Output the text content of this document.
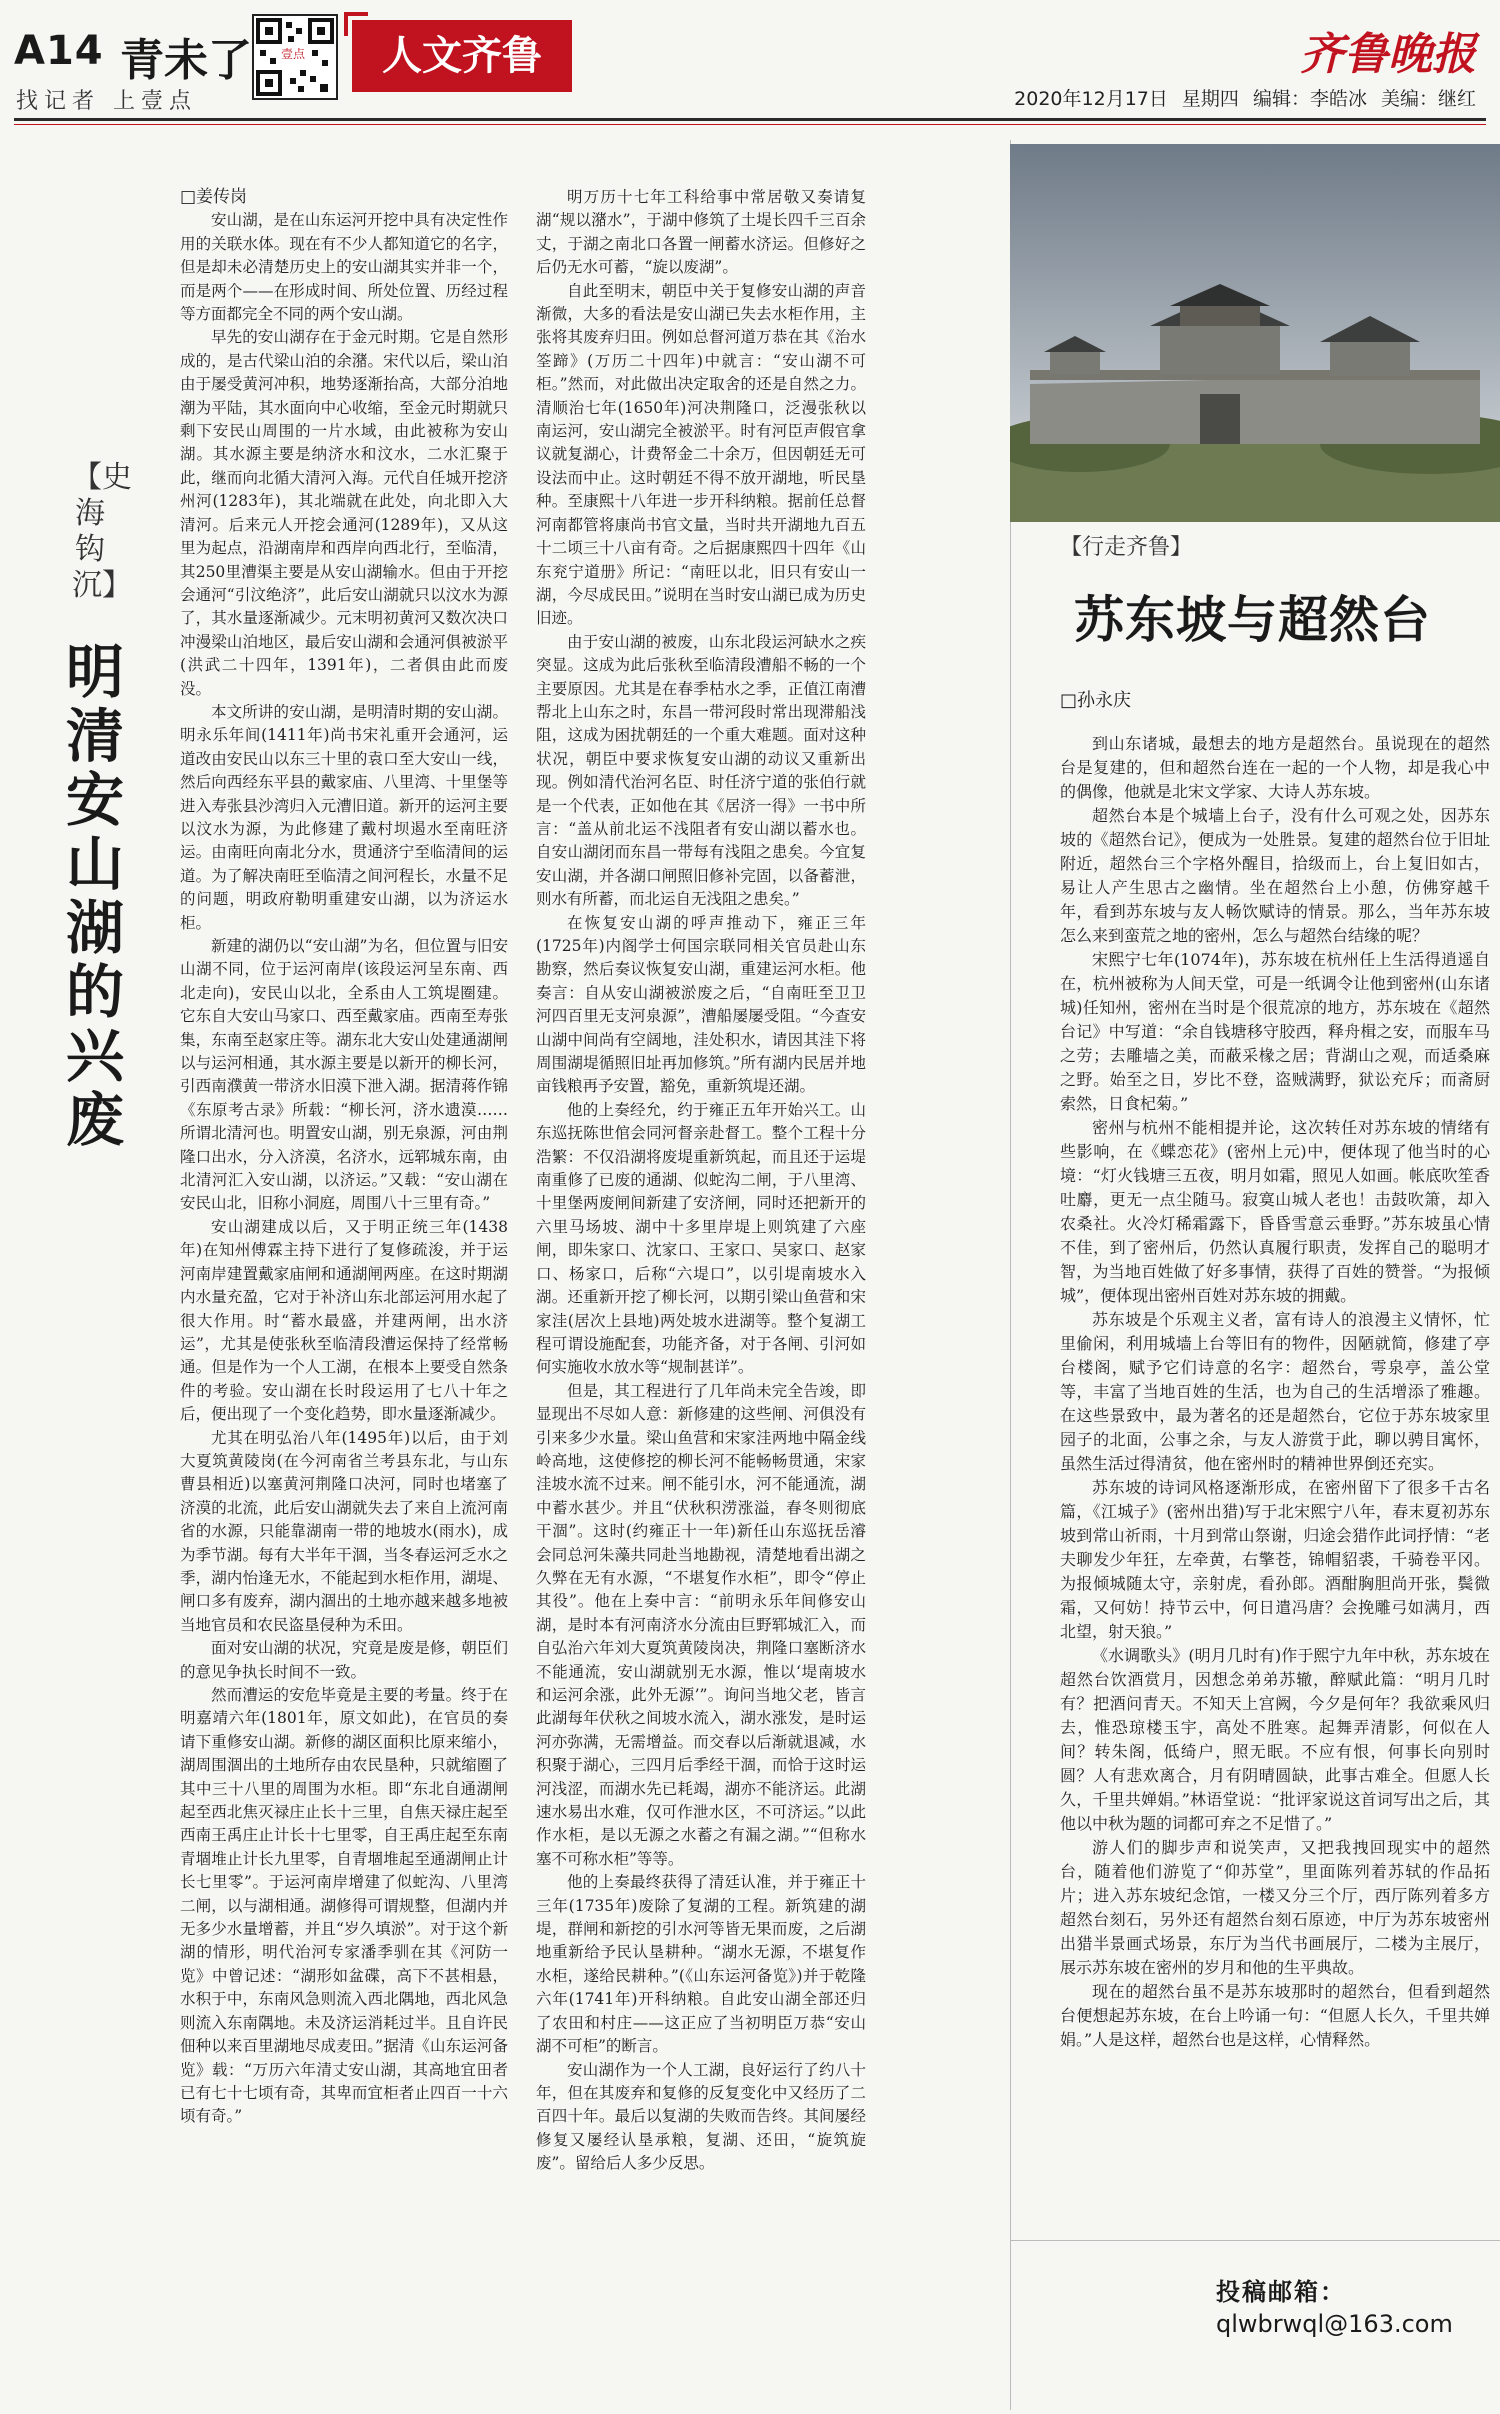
A14 青未了
找记者 上壹点
壹点	人文齐鲁	齐鲁晚报
2020年12月17日 星期四 编辑：李皓冰 美编：继红
【史海钩沉】
明清安山湖的兴废

□姜传岗

安山湖，是在山东运河开挖中具有决定性作用的关联水体。现在有不少人都知道它的名字，但是却未必清楚历史上的安山湖其实并非一个，而是两个——在形成时间、所处位置、历经过程等方面都完全不同的两个安山湖。

早先的安山湖存在于金元时期。它是自然形成的，是古代梁山泊的余潴。宋代以后，梁山泊由于屡受黄河冲积，地势逐渐抬高，大部分泊地潮为平陆，其水面向中心收缩，至金元时期就只剩下安民山周围的一片水域，由此被称为安山湖。其水源主要是纳济水和汶水，二水汇聚于此，继而向北循大清河入海。元代自任城开挖济州河(1283年)，其北端就在此处，向北即入大清河。后来元人开挖会通河(1289年)，又从这里为起点，沿湖南岸和西岸向西北行，至临清，其250里漕渠主要是从安山湖输水。但由于开挖会通河“引汶绝济”，此后安山湖就只以汶水为源了，其水量逐渐减少。元末明初黄河又数次决口冲漫梁山泊地区，最后安山湖和会通河俱被淤平(洪武二十四年，1391年)，二者俱由此而废没。

本文所讲的安山湖，是明清时期的安山湖。明永乐年间(1411年)尚书宋礼重开会通河，运道改由安民山以东三十里的袁口至大安山一线，然后向西经东平县的戴家庙、八里湾、十里堡等进入寿张县沙湾归入元漕旧道。新开的运河主要以汶水为源，为此修建了戴村坝遏水至南旺济运。由南旺向南北分水，贯通济宁至临清间的运道。为了解决南旺至临清之间河程长，水量不足的问题，明政府勒明重建安山湖，以为济运水柜。

新建的湖仍以“安山湖”为名，但位置与旧安山湖不同，位于运河南岸(该段运河呈东南、西北走向)，安民山以北，全系由人工筑堤圈建。它东自大安山马家口、西至戴家庙。西南至寿张集，东南至赵家庄等。湖东北大安山处建通湖闸以与运河相通，其水源主要是以新开的柳长河，引西南濮黄一带济水旧漠下泄入湖。据清蒋作锦《东原考古录》所载：“柳长河，济水遗漠……所谓北清河也。明置安山湖，别无泉源，河由荆隆口出水，分入济漠，名济水，远郓城东南，由北清河汇入安山湖，以济运。”又载：“安山湖在安民山北，旧称小洞庭，周围八十三里有奇。”

安山湖建成以后，又于明正统三年(1438年)在知州傅霖主持下进行了复修疏浚，并于运河南岸建置戴家庙闸和通湖闸两座。在这时期湖内水量充盈，它对于补济山东北部运河用水起了很大作用。时“蓄水最盛，并建两闸，出水济运”，尤其是使张秋至临清段漕运保持了经常畅通。但是作为一个人工湖，在根本上要受自然条件的考验。安山湖在长时段运用了七八十年之后，便出现了一个变化趋势，即水量逐渐减少。

尤其在明弘治八年(1495年)以后，由于刘大夏筑黄陵岗(在今河南省兰考县东北，与山东曹县相近)以塞黄河荆隆口决河，同时也堵塞了济漠的北流，此后安山湖就失去了来自上流河南省的水源，只能靠湖南一带的地坡水(雨水)，成为季节湖。每有大半年干涸，当冬春运河乏水之季，湖内怡逢无水，不能起到水柜作用，湖堤、闸口多有废弃，湖内涸出的土地亦越来越多地被当地官员和农民盗垦侵种为禾田。

面对安山湖的状况，究竟是废是修，朝臣们的意见争执长时间不一致。

然而漕运的安危毕竟是主要的考量。终于在明嘉靖六年(1801年，原文如此)，在官员的奏请下重修安山湖。新修的湖区面积比原来缩小，湖周围涸出的土地所存由农民垦种，只就缩圈了其中三十八里的周围为水柜。即“东北自通湖闸起至西北焦灭禄庄止长十三里，自焦天禄庄起至西南王禹庄止计长十七里零，自王禹庄起至东南青堌堆止计长九里零，自青堌堆起至通湖闸止计长七里零”。于运河南岸增建了似蛇沟、八里湾二闸，以与湖相通。湖修得可谓规整，但湖内并无多少水量增蓄，并且“岁久填淤”。对于这个新湖的情形，明代治河专家潘季驯在其《河防一览》中曾记述：“湖形如盆碟，高下不甚相悬，水积于中，东南风急则流入西北隅地，西北风急则流入东南隅地。未及济运消耗过半。且自许民佃种以来百里湖地尽成麦田。”据清《山东运河备览》载：“万历六年清丈安山湖，其高地宜田者已有七十七顷有奇，其卑而宜柜者止四百一十六顷有奇。”

明万历十七年工科给事中常居敬又奏请复湖“规以潴水”，于湖中修筑了土堤长四千三百余丈，于湖之南北口各置一闸蓄水济运。但修好之后仍无水可蓄，“旋以废湖”。

自此至明末，朝臣中关于复修安山湖的声音渐微，大多的看法是安山湖已失去水柜作用，主张将其废弃归田。例如总督河道万恭在其《治水筌蹄》(万历二十四年)中就言：“安山湖不可柜。”然而，对此做出决定取舍的还是自然之力。清顺治七年(1650年)河决荆隆口，泛漫张秋以南运河，安山湖完全被淤平。时有河臣声假官拿议就复湖心，计费帑金二十余万，但因朝廷无可设法而中止。这时朝廷不得不放开湖地，听民垦种。至康熙十八年进一步开科纳粮。据前任总督河南都管将康尚书官文量，当时共开湖地九百五十二顷三十八亩有奇。之后据康熙四十四年《山东兖宁道册》所记：“南旺以北，旧只有安山一湖，今尽成民田。”说明在当时安山湖已成为历史旧迹。

由于安山湖的被废，山东北段运河缺水之疾突显。这成为此后张秋至临清段漕船不畅的一个主要原因。尤其是在春季枯水之季，正值江南漕帮北上山东之时，东昌一带河段时常出现滞船浅阻，这成为困扰朝廷的一个重大难题。面对这种状况，朝臣中要求恢复安山湖的动议又重新出现。例如清代治河名臣、时任济宁道的张伯行就是一个代表，正如他在其《居济一得》一书中所言：“盖从前北运不浅阻者有安山湖以蓄水也。自安山湖闭而东昌一带每有浅阻之患矣。今宜复安山湖，并各湖口闸照旧修补完固，以备蓄泄，则水有所蓄，而北运自无浅阻之患矣。”

在恢复安山湖的呼声推动下，雍正三年(1725年)内阁学士何国宗联同相关官员赴山东勘察，然后奏议恢复安山湖，重建运河水柜。他奏言：自从安山湖被淤废之后，“自南旺至卫卫河四百里无支河泉源”，漕船屡屡受阻。“今查安山湖中间尚有空阔地，洼处积水，请因其洼下将周围湖堤循照旧址再加修筑。”所有湖内民居并地亩钱粮再予安置，豁免，重新筑堤还湖。

他的上奏经允，约于雍正五年开始兴工。山东巡抚陈世倌会同河督亲赴督工。整个工程十分浩繁：不仅沿湖将废堤重新筑起，而且还于运堤南重修了已废的通湖、似蛇沟二闸，于八里湾、十里堡两废闸间新建了安济闸，同时还把新开的六里马场坡、湖中十多里岸堤上则筑建了六座闸，即朱家口、沈家口、王家口、吴家口、赵家口、杨家口，后称“六堤口”，以引堤南坡水入湖。还重新开挖了柳长河，以期引梁山鱼营和宋家洼(居次上县地)两处坡水进湖等。整个复湖工程可谓设施配套，功能齐备，对于各闸、引河如何实施收水放水等“规制甚详”。

但是，其工程进行了几年尚未完全告竣，即显现出不尽如人意：新修建的这些闸、河俱没有引来多少水量。梁山鱼营和宋家洼两地中隔金线岭高地，这使修挖的柳长河不能畅畅贯通，宋家洼坡水流不过来。闸不能引水，河不能通流，湖中蓄水甚少。并且“伏秋积涝涨溢，春冬则彻底干涸”。这时(约雍正十一年)新任山东巡抚岳濬会同总河朱藻共同赴当地勘视，清楚地看出湖之久弊在无有水源，“不堪复作水柜”，即令“停止其役”。他在上奏中言：“前明永乐年间修安山湖，是时本有河南济水分流由巨野郓城汇入，而自弘治六年刘大夏筑黄陵岗决，荆隆口塞断济水不能通流，安山湖就别无水源，惟以‘堤南坡水和运河余涨，此外无源’”。询问当地父老，皆言此湖每年伏秋之间坡水流入，湖水涨发，是时运河亦弥满，无需增益。而交春以后渐就退减，水积聚于湖心，三四月后季经干涸，而恰于这时运河浅涩，而湖水先已耗竭，湖亦不能济运。此湖速水易出水难，仅可作泄水区，不可济运。”以此作水柜，是以无源之水蓄之有漏之湖。”“但称水塞不可称水柜”等等。

他的上奏最终获得了清廷认准，并于雍正十三年(1735年)废除了复湖的工程。新筑建的湖堤，群闸和新挖的引水河等皆无果而废，之后湖地重新给予民认垦耕种。“湖水无源，不堪复作水柜，遂给民耕种。”(《山东运河备览》)并于乾隆六年(1741年)开科纳粮。自此安山湖全部还归了农田和村庄——这正应了当初明臣万恭“安山湖不可柜”的断言。

安山湖作为一个人工湖，良好运行了约八十年，但在其废弃和复修的反复变化中又经历了二百四十年。最后以复湖的失败而告终。其间屡经修复又屡经认垦承粮，复湖、还田，“旋筑旋废”。留给后人多少反思。

【行走齐鲁】
苏东坡与超然台
□孙永庆

到山东诸城，最想去的地方是超然台。虽说现在的超然台是复建的，但和超然台连在一起的一个人物，却是我心中的偶像，他就是北宋文学家、大诗人苏东坡。

超然台本是个城墙上台子，没有什么可观之处，因苏东坡的《超然台记》，便成为一处胜景。复建的超然台位于旧址附近，超然台三个字格外醒目，拾级而上，台上复旧如古，易让人产生思古之幽情。坐在超然台上小憩，仿佛穿越千年，看到苏东坡与友人畅饮赋诗的情景。那么，当年苏东坡怎么来到蛮荒之地的密州，怎么与超然台结缘的呢？

宋熙宁七年(1074年)，苏东坡在杭州任上生活得逍遥自在，杭州被称为人间天堂，可是一纸调令让他到密州(山东诸城)任知州，密州在当时是个很荒凉的地方，苏东坡在《超然台记》中写道：“余自钱塘移守胶西，释舟楫之安，而服车马之劳；去雕墙之美，而蔽采椽之居；背湖山之观，而适桑麻之野。始至之日，岁比不登，盗贼满野，狱讼充斥；而斋厨索然，日食杞菊。”

密州与杭州不能相提并论，这次转任对苏东坡的情绪有些影响，在《蝶恋花》(密州上元)中，便体现了他当时的心境：“灯火钱塘三五夜，明月如霜，照见人如画。帐底吹笙香吐麝，更无一点尘随马。寂寞山城人老也！击鼓吹箫，却入农桑社。火冷灯稀霜露下，昏昏雪意云垂野。”苏东坡虽心情不佳，到了密州后，仍然认真履行职责，发挥自己的聪明才智，为当地百姓做了好多事情，获得了百姓的赞誉。“为报倾城”，便体现出密州百姓对苏东坡的拥戴。

苏东坡是个乐观主义者，富有诗人的浪漫主义情怀，忙里偷闲，利用城墙上台等旧有的物件，因陋就简，修建了亭台楼阁，赋予它们诗意的名字：超然台，雩泉亭，盖公堂等，丰富了当地百姓的生活，也为自己的生活增添了雅趣。在这些景致中，最为著名的还是超然台，它位于苏东坡家里园子的北面，公事之余，与友人游赏于此，聊以骋目寓怀，虽然生活过得清贫，他在密州时的精神世界倒还充实。

苏东坡的诗词风格逐渐形成，在密州留下了很多千古名篇，《江城子》(密州出猎)写于北宋熙宁八年，春末夏初苏东坡到常山祈雨，十月到常山祭谢，归途会猎作此词抒情：“老夫聊发少年狂，左牵黄，右擎苍，锦帽貂裘，千骑卷平冈。为报倾城随太守，亲射虎，看孙郎。酒酣胸胆尚开张，鬓微霜，又何妨！持节云中，何日遣冯唐？会挽雕弓如满月，西北望，射天狼。”

《水调歌头》(明月几时有)作于熙宁九年中秋，苏东坡在超然台饮酒赏月，因想念弟弟苏辙，醉赋此篇：“明月几时有？把酒问青天。不知天上宫阙，今夕是何年？我欲乘风归去，惟恐琼楼玉宇，高处不胜寒。起舞弄清影，何似在人间？转朱阁，低绮户，照无眠。不应有恨，何事长向别时圆？人有悲欢离合，月有阴晴圆缺，此事古难全。但愿人长久，千里共婵娟。”林语堂说：“批评家说这首词写出之后，其他以中秋为题的词都可弃之不足惜了。”

游人们的脚步声和说笑声，又把我拽回现实中的超然台，随着他们游览了“仰苏堂”，里面陈列着苏轼的作品拓片；进入苏东坡纪念馆，一楼又分三个厅，西厅陈列着多方超然台刻石，另外还有超然台刻石原迹，中厅为苏东坡密州出猎半景画式场景，东厅为当代书画展厅，二楼为主展厅，展示苏东坡在密州的岁月和他的生平典故。

现在的超然台虽不是苏东坡那时的超然台，但看到超然台便想起苏东坡，在台上吟诵一句：“但愿人长久，千里共婵娟。”人是这样，超然台也是这样，心情释然。

投稿邮箱：
qlwbrwql@163.com
